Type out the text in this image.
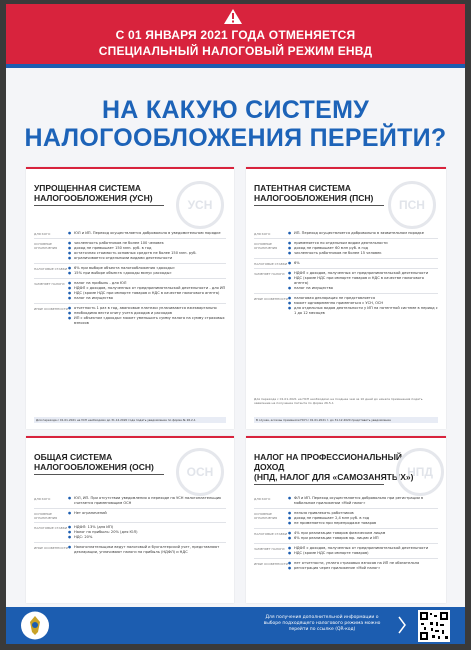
С 01 ЯНВАРЯ 2021 ГОДА ОТМЕНЯЕТСЯ
СПЕЦИАЛЬНЫЙ НАЛОГОВЫЙ РЕЖИМ ЕНВД
НА КАКУЮ СИСТЕМУ
НАЛОГООБЛОЖЕНИЯ ПЕРЕЙТИ?
УПРОЩЕННАЯ СИСТЕМА
НАЛОГООБЛОЖЕНИЯ (УСН)	УСН
ДЛЯ КОГО	● ЮЛ и ИП. Переход осуществляется добровольно в уведомительном порядке
ОСНОВНЫЕ ОГРАНИЧЕНИЯ
● численность работников не более 100 человек
● доход не превышает 150 млн. руб. в год
● остаточная стоимость основных средств не более 150 млн. руб.
● ограничивается отдельными видами деятельности
НАЛОГОВЫЕ СТАВКИ	● 6% при выборе объекта налогообложения «доходы»
● 15% при выборе объекта «доходы минус расходы»
ЗАМЕНЯЕТ НАЛОГИ	● налог на прибыль - для ЮЛ
● НДФЛ с доходов, полученных от предпринимательской деятельности - для ИП
● НДС (кроме НДС при импорте товаров и НДС в качестве налогового агента)
● налог на имущество
ИНЫЕ ОСОБЕННОСТИ	● отчетность 1 раз в год, авансовые платежи уплачиваются ежеквартально
● необходимо вести книгу учета доходов и расходов
● ИП с объектом «доходы» может уменьшить сумму налога на сумму страховых взносов
Для перехода с 01.01.2021 на УСН необходимо до 31.12.2020 года подать уведомление по форме № 26.2-1
ПАТЕНТНАЯ СИСТЕМА
НАЛОГООБЛОЖЕНИЯ (ПСН)	ПСН
ДЛЯ КОГО	● ИП. Переход осуществляется добровольно в заявительном порядке
ОСНОВНЫЕ ОГРАНИЧЕНИЯ
● применяется по отдельным видам деятельности
● доход не превышает 60 млн руб. в год
● численность работников не более 15 человек
НАЛОГОВЫЕ СТАВКИ	● 6%
ЗАМЕНЯЕТ НАЛОГИ	● НДФЛ с доходов, полученных от предпринимательской деятельности
● НДС (кроме НДС при импорте товаров и НДС в качестве налогового агента)
● налог на имущество
ИНЫЕ ОСОБЕННОСТИ	● налоговая декларация не представляется
● может одновременно применяться с УСН, ОСН
● для отдельных видов деятельности у ИП на патентной системе в период с 1 до 12 месяцев
Для перехода с 01.01.2021 на ПСН необходимо не позднее чем за 10 дней до начала применения подать заявление на получение патента по форме 26.5-1
В случае, если вы применяли ПСН с 01.01.2021 г. до 31.12.2020 представить уведомление
ОБЩАЯ СИСТЕМА
НАЛОГООБЛОЖЕНИЯ (ОСН)	ОСН
ДЛЯ КОГО	● ЮЛ, ИП. При отсутствии уведомления о переходе на УСН налогоплательщик считается применяющим ОСН
ОСНОВНЫЕ ОГРАНИЧЕНИЯ
● Нет ограничений
НАЛОГОВЫЕ СТАВКИ	● НДФЛ: 13% (для ИП)
● Налог на прибыль: 20% (для ЮЛ)
● НДС: 20%
ИНЫЕ ОСОБЕННОСТИ	● Налогоплательщики ведут налоговый и бухгалтерский учет, представляют декларации, уплачивают налоги на прибыль (НДФЛ) и НДС
НАЛОГ НА ПРОФЕССИОНАЛЬНЫЙ ДОХОД
(НПД, НАЛОГ ДЛЯ «САМОЗАНЯТЫХ»)
НПД
ДЛЯ КОГО	● ФЛ и ИП. Переход осуществляется добровольно при регистрации в мобильном приложении «Мой налог»
ОСНОВНЫЕ ОГРАНИЧЕНИЯ
● нельзя привлекать работников
● доход не превышает 2,4 млн руб. в год
● не применяется при перепродаже товаров
НАЛОГОВЫЕ СТАВКИ	● 4% при реализации товаров физическим лицам
● 6% при реализации товаров юр. лицам и ИП
ЗАМЕНЯЕТ НАЛОГИ	● НДФЛ с доходов, полученных от предпринимательской деятельности
● НДС (кроме НДС при импорте товаров)
ИНЫЕ ОСОБЕННОСТИ	● нет отчетности, уплата страховых взносов на ИП не обязательна
● регистрация через приложение «Мой налог»
Для получения дополнительной информации о выборе подходящего налогового режима можно перейти по ссылке (QR-код)
